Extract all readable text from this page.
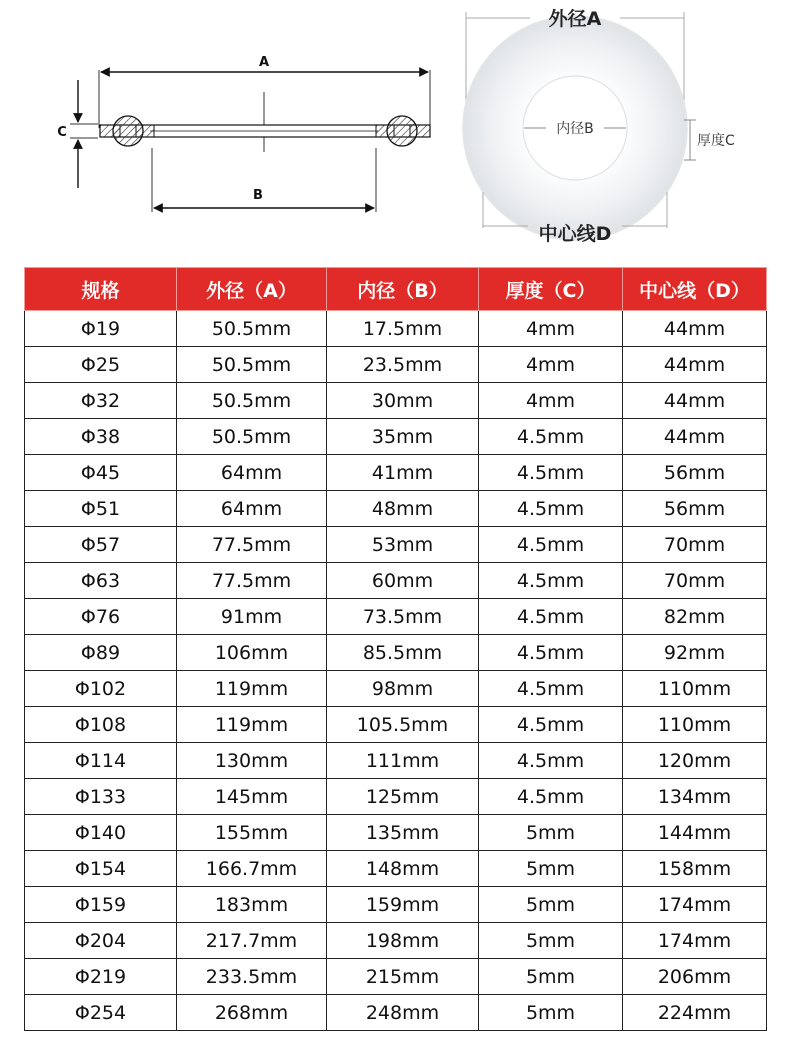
A
B
C
外径A
内径B
厚度C
中心线D
规格	外径（A）	内径（B）	厚度（C）	中心线（D）
Φ19	50.5mm	17.5mm	4mm	44mm
Φ25	50.5mm	23.5mm	4mm	44mm
Φ32	50.5mm	30mm	4mm	44mm
Φ38	50.5mm	35mm	4.5mm	44mm
Φ45	64mm	41mm	4.5mm	56mm
Φ51	64mm	48mm	4.5mm	56mm
Φ57	77.5mm	53mm	4.5mm	70mm
Φ63	77.5mm	60mm	4.5mm	70mm
Φ76	91mm	73.5mm	4.5mm	82mm
Φ89	106mm	85.5mm	4.5mm	92mm
Φ102	119mm	98mm	4.5mm	110mm
Φ108	119mm	105.5mm	4.5mm	110mm
Φ114	130mm	111mm	4.5mm	120mm
Φ133	145mm	125mm	4.5mm	134mm
Φ140	155mm	135mm	5mm	144mm
Φ154	166.7mm	148mm	5mm	158mm
Φ159	183mm	159mm	5mm	174mm
Φ204	217.7mm	198mm	5mm	174mm
Φ219	233.5mm	215mm	5mm	206mm
Φ254	268mm	248mm	5mm	224mm
